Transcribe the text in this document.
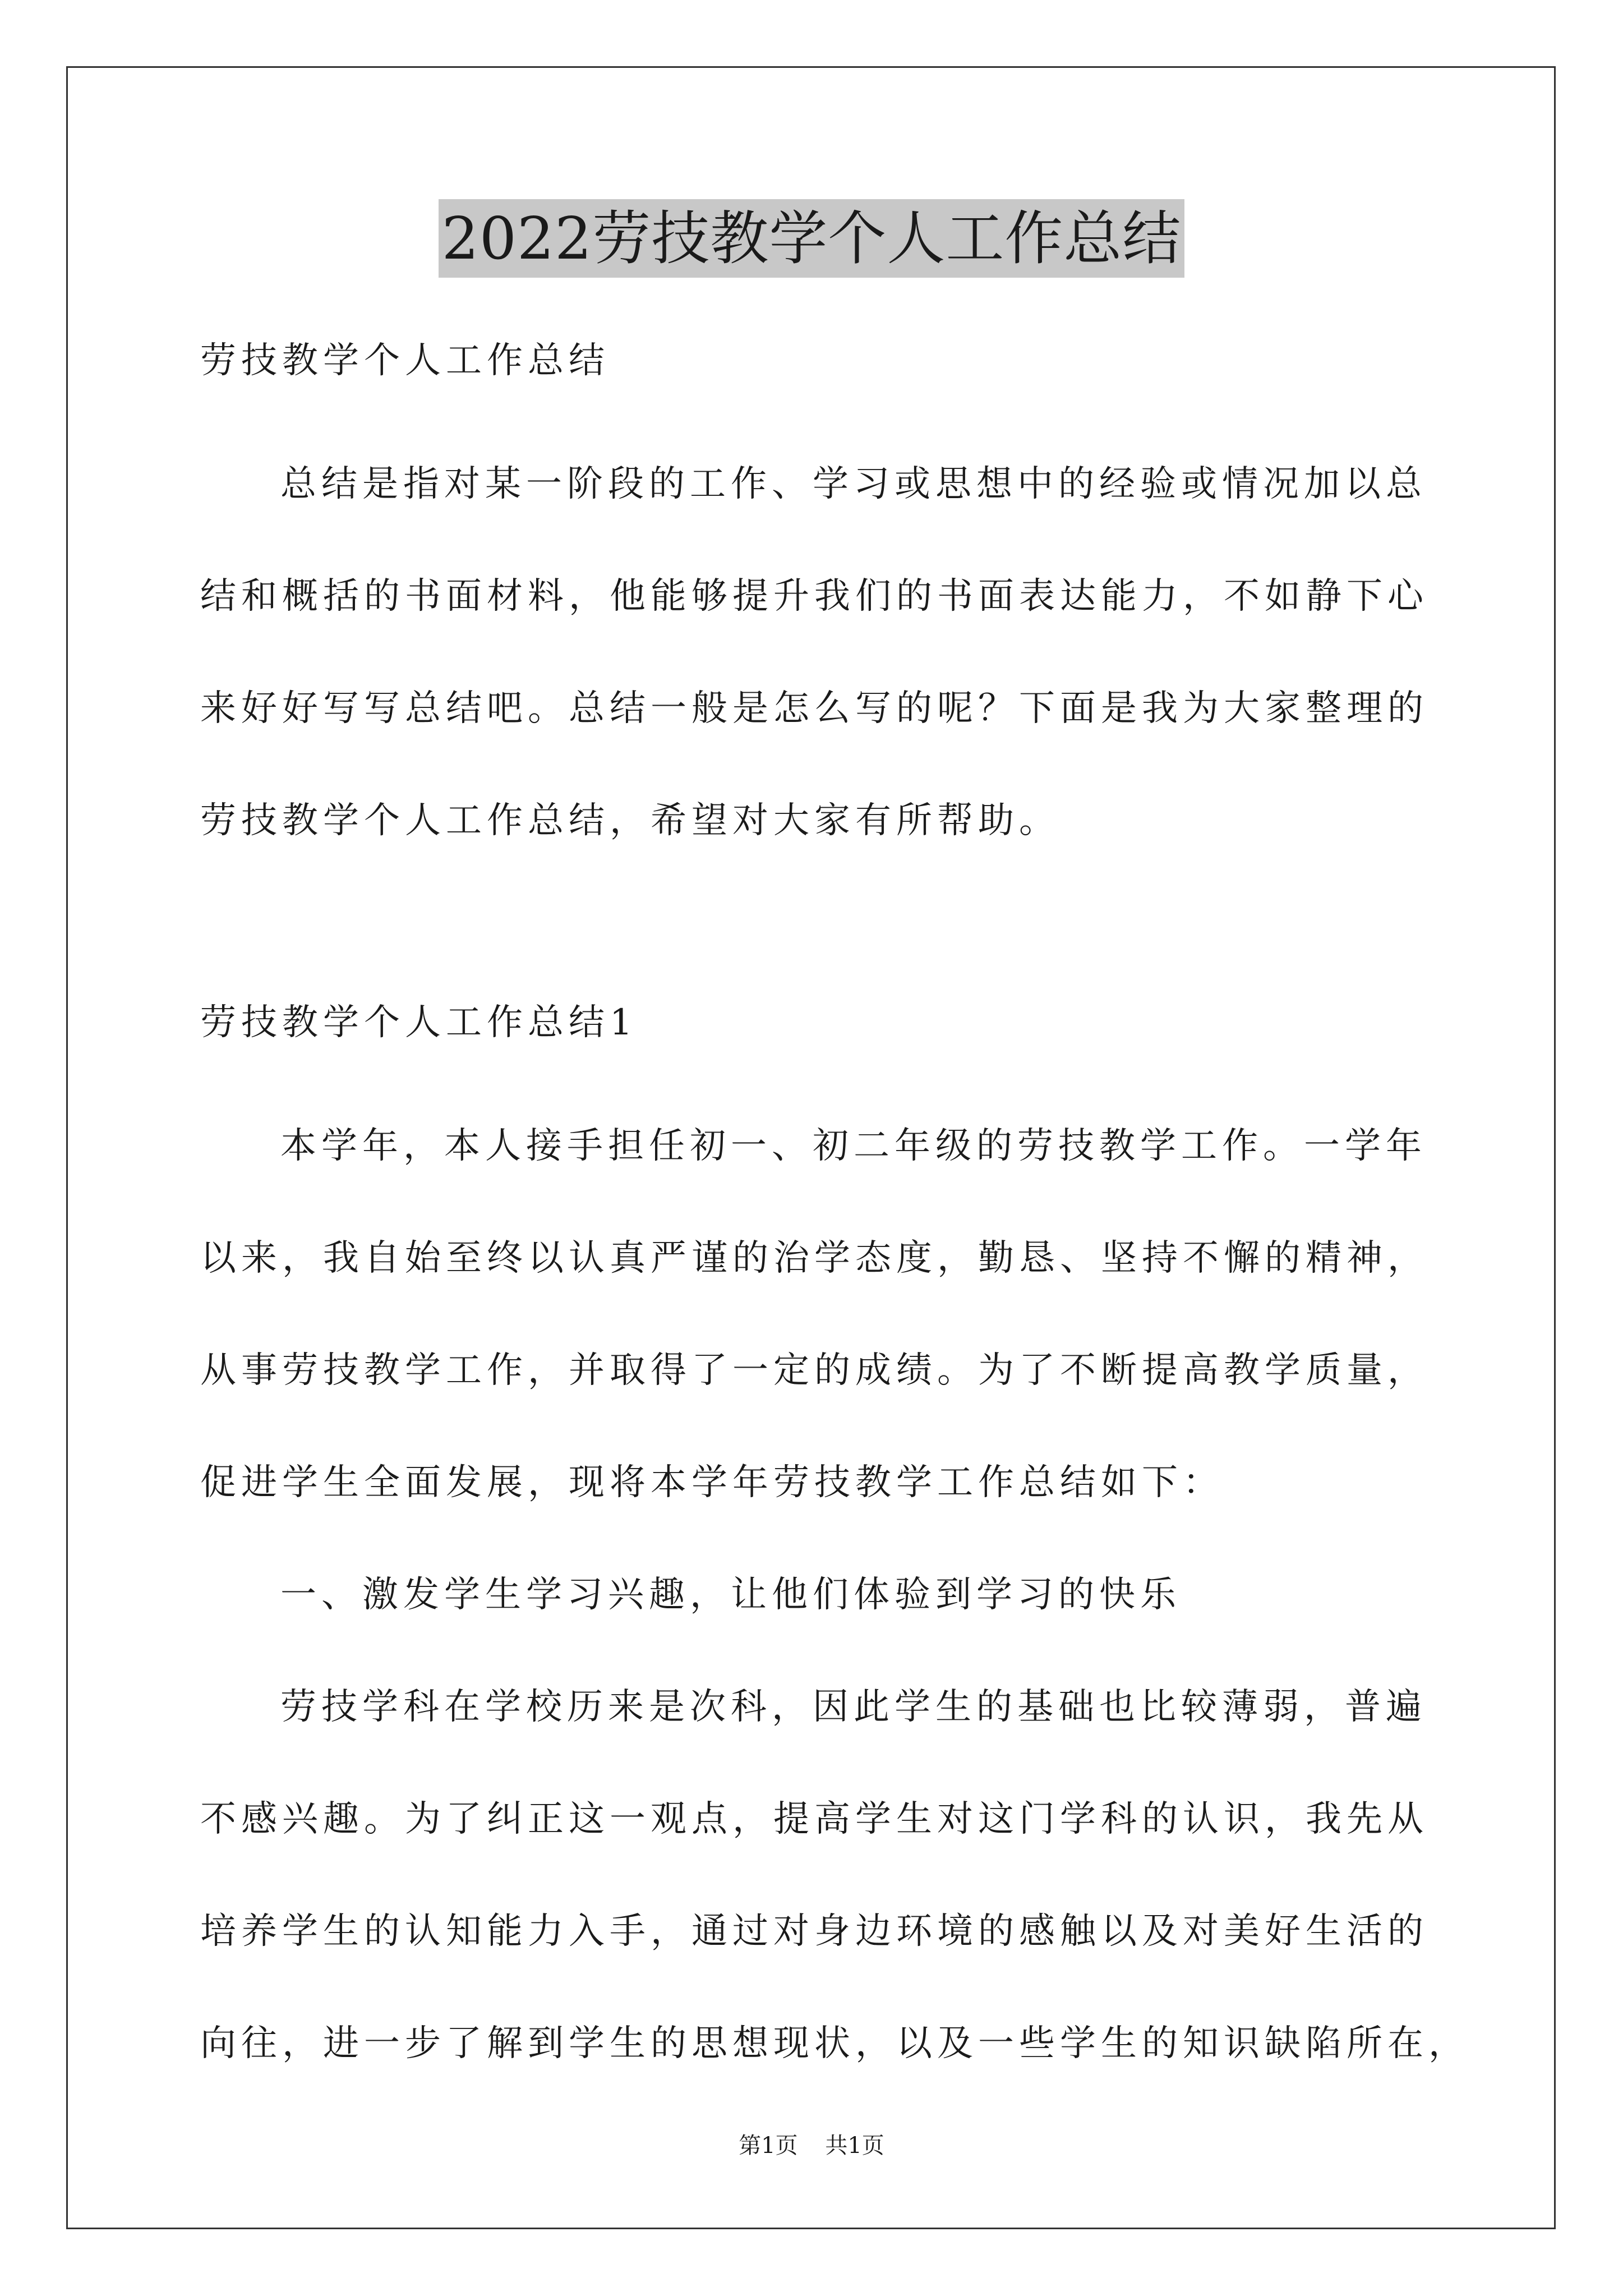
2022劳技教学个人工作总结
劳技教学个人工作总结
总结是指对某一阶段的工作、学习或思想中的经验或情况加以总
结和概括的书面材料，他能够提升我们的书面表达能力，不如静下心
来好好写写总结吧。总结一般是怎么写的呢？下面是我为大家整理的
劳技教学个人工作总结，希望对大家有所帮助。
劳技教学个人工作总结1
本学年，本人接手担任初一、初二年级的劳技教学工作。一学年
以来，我自始至终以认真严谨的治学态度，勤恳、坚持不懈的精神，
从事劳技教学工作，并取得了一定的成绩。为了不断提高教学质量，
促进学生全面发展，现将本学年劳技教学工作总结如下：
一、激发学生学习兴趣，让他们体验到学习的快乐
劳技学科在学校历来是次科，因此学生的基础也比较薄弱，普遍
不感兴趣。为了纠正这一观点，提高学生对这门学科的认识，我先从
培养学生的认知能力入手，通过对身边环境的感触以及对美好生活的
向往，进一步了解到学生的思想现状，以及一些学生的知识缺陷所在，
第1页 共1页
